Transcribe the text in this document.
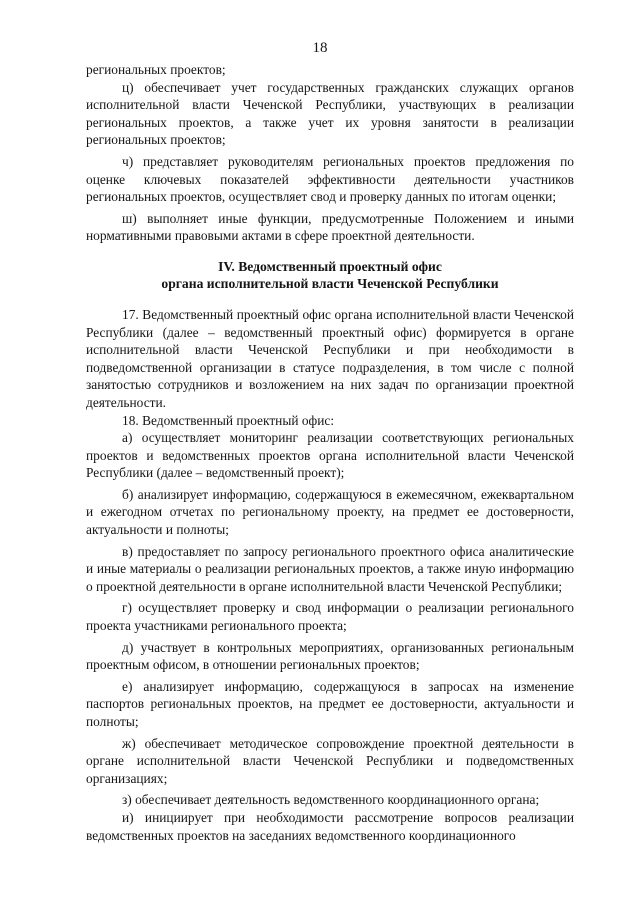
18

региональных проектов;

ц) обеспечивает учет государственных гражданских служащих органов исполнительной власти Чеченской Республики, участвующих в реализации региональных проектов, а также учет их уровня занятости в реализации региональных проектов;

ч) представляет руководителям региональных проектов предложения по оценке ключевых показателей эффективности деятельности участников региональных проектов, осуществляет свод и проверку данных по итогам оценки;

ш) выполняет иные функции, предусмотренные Положением и иными нормативными правовыми актами в сфере проектной деятельности.

IV. Ведомственный проектный офис
органа исполнительной власти Чеченской Республики

17. Ведомственный проектный офис органа исполнительной власти Чеченской Республики (далее – ведомственный проектный офис) формируется в органе исполнительной власти Чеченской Республики и при необходимости в подведомственной организации в статусе подразделения, в том числе с полной занятостью сотрудников и возложением на них задач по организации проектной деятельности.

18. Ведомственный проектный офис:

а) осуществляет мониторинг реализации соответствующих региональных проектов и ведомственных проектов органа исполнительной власти Чеченской Республики (далее – ведомственный проект);

б) анализирует информацию, содержащуюся в ежемесячном, ежеквартальном и ежегодном отчетах по региональному проекту, на предмет ее достоверности, актуальности и полноты;

в) предоставляет по запросу регионального проектного офиса аналитические и иные материалы о реализации региональных проектов, а также иную информацию о проектной деятельности в органе исполнительной власти Чеченской Республики;

г) осуществляет проверку и свод информации о реализации регионального проекта участниками регионального проекта;

д) участвует в контрольных мероприятиях, организованных региональным проектным офисом, в отношении региональных проектов;

е) анализирует информацию, содержащуюся в запросах на изменение паспортов региональных проектов, на предмет ее достоверности, актуальности и полноты;

ж) обеспечивает методическое сопровождение проектной деятельности в органе исполнительной власти Чеченской Республики и подведомственных организациях;

з) обеспечивает деятельность ведомственного координационного органа;

и) инициирует при необходимости рассмотрение вопросов реализации ведомственных проектов на заседаниях ведомственного координационного
